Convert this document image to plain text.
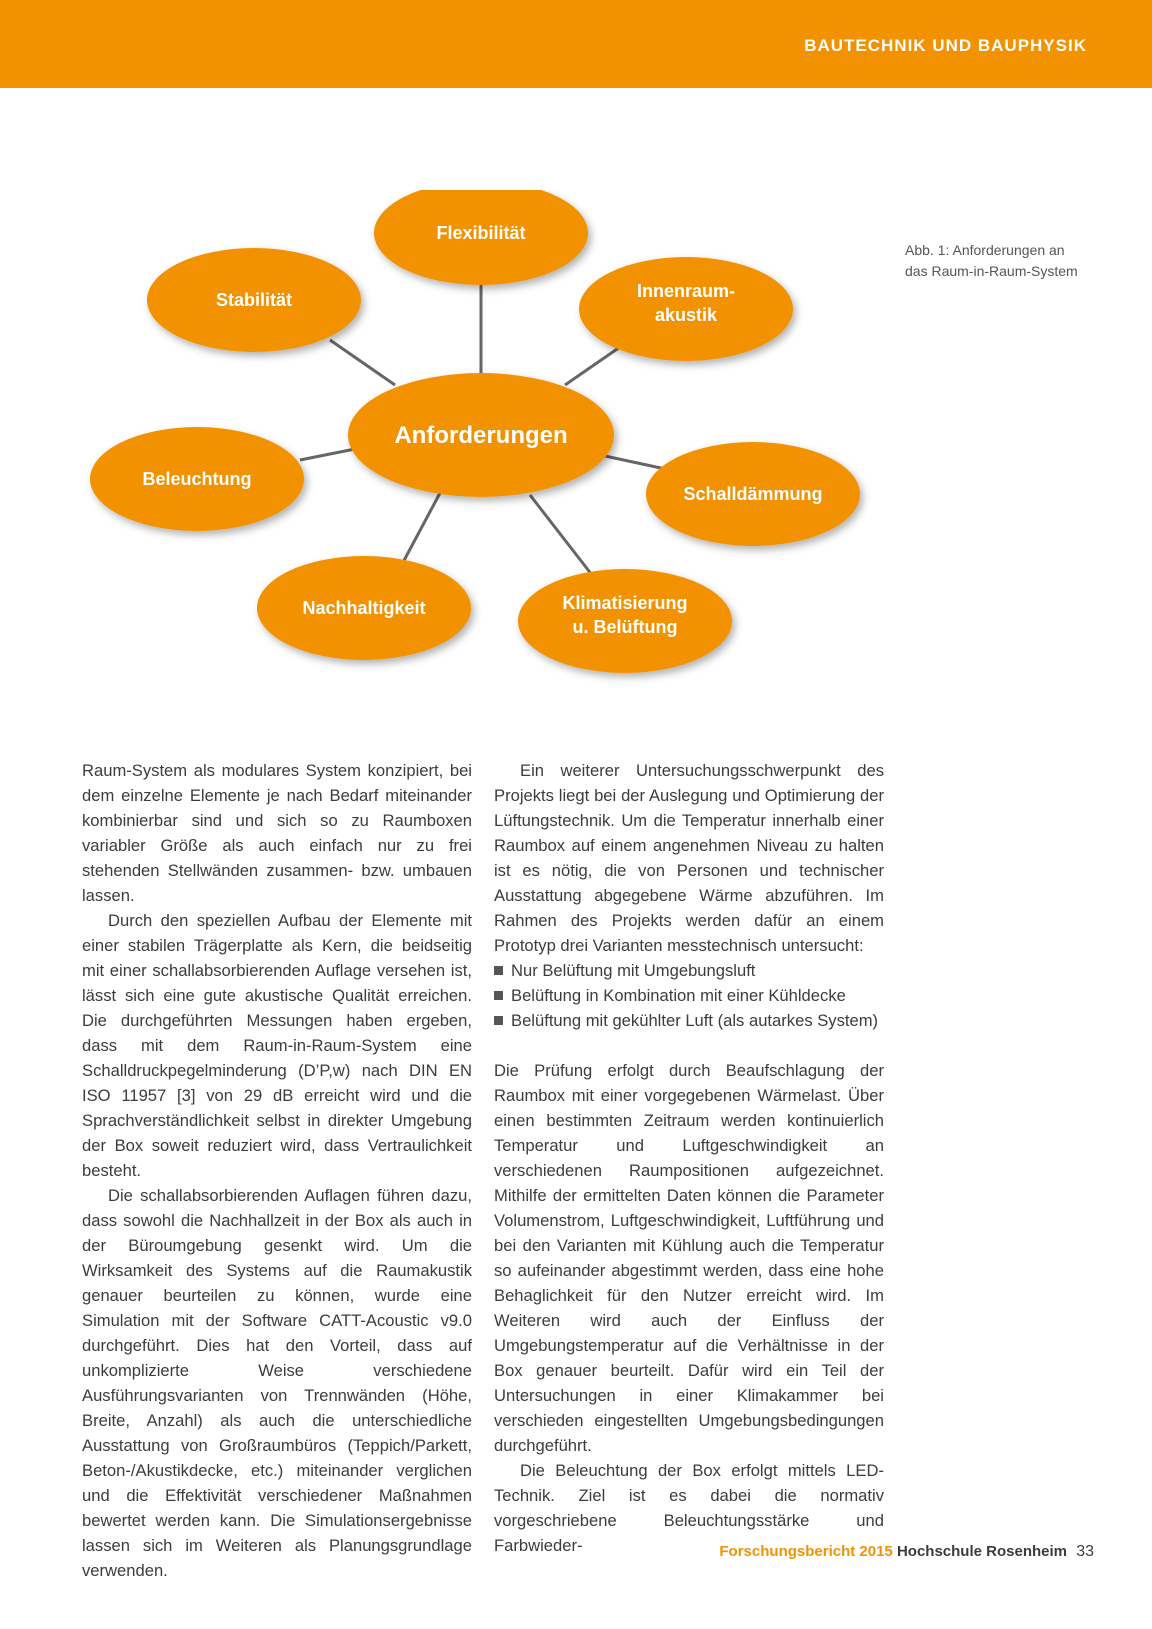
BAUTECHNIK UND BAUPHYSIK
Flexibilität
Stabilität	Innenraum-
akustik
Beleuchtung
Schalldämmung
Nachhaltigkeit	Klimatisierung
u. Belüftung
Anforderungen
Abb. 1: Anforderungen an
das Raum-in-Raum-System

Raum-System als modulares System konzipiert, bei dem einzelne Elemente je nach Bedarf miteinander kombinierbar sind und sich so zu Raumboxen variabler Größe als auch einfach nur zu frei stehenden Stellwänden zusammen- bzw. umbauen lassen.

Durch den speziellen Aufbau der Elemente mit einer stabilen Trägerplatte als Kern, die beidseitig mit einer schallabsorbierenden Auflage versehen ist, lässt sich eine gute akustische Qualität erreichen. Die durchgeführten Messungen haben ergeben, dass mit dem Raum-in-Raum-System eine Schalldruckpegelminderung (D’P,w) nach DIN EN ISO 11957 [3] von 29 dB erreicht wird und die Sprachverständlichkeit selbst in direkter Umgebung der Box soweit reduziert wird, dass Vertraulichkeit besteht.

Die schallabsorbierenden Auflagen führen dazu, dass sowohl die Nachhallzeit in der Box als auch in der Büroumgebung gesenkt wird. Um die Wirksamkeit des Systems auf die Raumakustik genauer beurteilen zu können, wurde eine Simulation mit der Software CATT-Acoustic v9.0 durchgeführt. Dies hat den Vorteil, dass auf unkomplizierte Weise verschiedene Ausführungsvarianten von Trennwänden (Höhe, Breite, Anzahl) als auch die unterschiedliche Ausstattung von Großraumbüros (Teppich/Parkett, Beton-/Akustikdecke, etc.) miteinander verglichen und die Effektivität verschiedener Maßnahmen bewertet werden kann. Die Simulationsergebnisse lassen sich im Weiteren als Planungsgrundlage verwenden.

Ein weiterer Untersuchungsschwerpunkt des Projekts liegt bei der Auslegung und Optimierung der Lüftungstechnik. Um die Temperatur innerhalb einer Raumbox auf einem angenehmen Niveau zu halten ist es nötig, die von Personen und technischer Ausstattung abgegebene Wärme abzuführen. Im Rahmen des Projekts werden dafür an einem Prototyp drei Varianten messtechnisch untersucht:

Nur Belüftung mit Umgebungsluft
Belüftung in Kombination mit einer Kühldecke
Belüftung mit gekühlter Luft (als autarkes System)

Die Prüfung erfolgt durch Beaufschlagung der Raumbox mit einer vorgegebenen Wärmelast. Über einen bestimmten Zeitraum werden kontinuierlich Temperatur und Luftgeschwindigkeit an verschiedenen Raumpositionen aufgezeichnet. Mithilfe der ermittelten Daten können die Parameter Volumenstrom, Luftgeschwindigkeit, Luftführung und bei den Varianten mit Kühlung auch die Temperatur so aufeinander abgestimmt werden, dass eine hohe Behaglichkeit für den Nutzer erreicht wird. Im Weiteren wird auch der Einfluss der Umgebungstemperatur auf die Verhältnisse in der Box genauer beurteilt. Dafür wird ein Teil der Untersuchungen in einer Klimakammer bei verschieden eingestellten Umgebungsbedingungen durchgeführt.

Die Beleuchtung der Box erfolgt mittels LED-Technik. Ziel ist es dabei die normativ vorgeschriebene Beleuchtungsstärke und Farbwieder-	Forschungsbericht 2015 Hochschule Rosenheim 33
